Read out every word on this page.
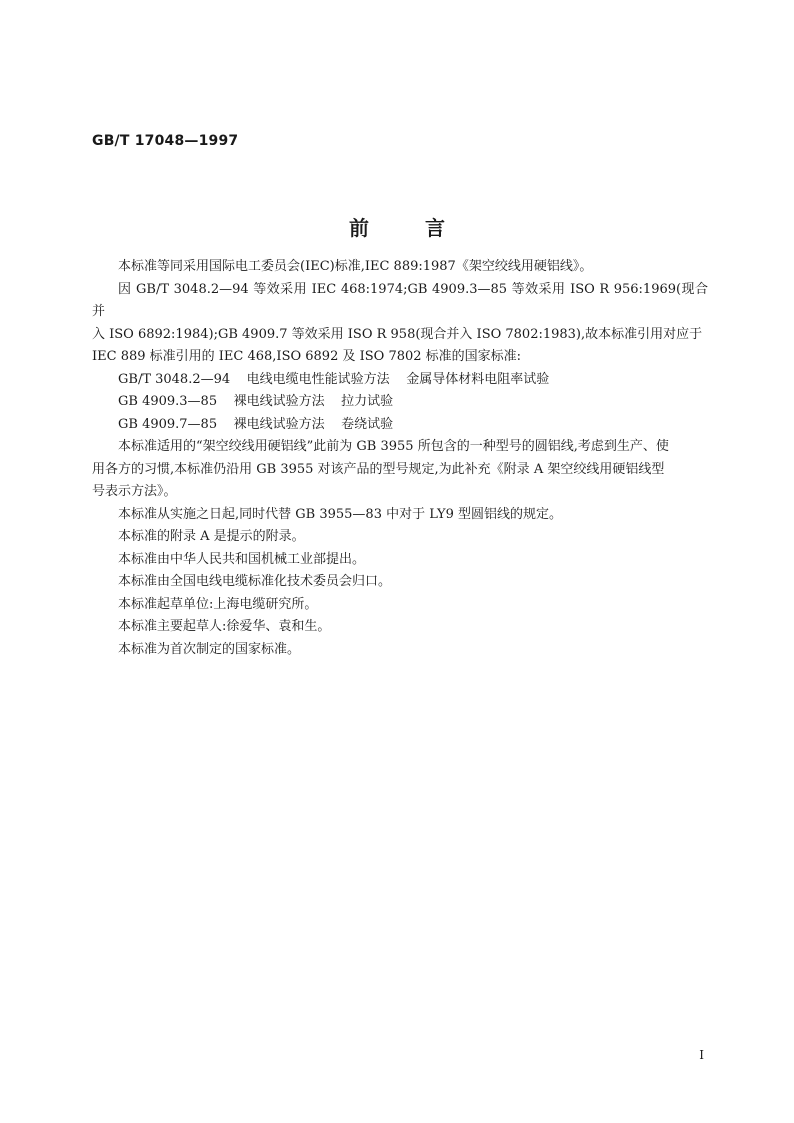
GB/T 17048—1997
前	言

本标准等同采用国际电工委员会(IEC)标准,IEC 889:1987《架空绞线用硬铝线》。

因 GB/T 3048.2—94 等效采用 IEC 468:1974;GB 4909.3—85 等效采用 ISO R 956:1969(现合并

入 ISO 6892:1984);GB 4909.7 等效采用 ISO R 958(现合并入 ISO 7802:1983),故本标准引用对应于

IEC 889 标准引用的 IEC 468,ISO 6892 及 ISO 7802 标准的国家标准:

GB/T 3048.2—94    电线电缆电性能试验方法    金属导体材料电阻率试验

GB 4909.3—85    裸电线试验方法    拉力试验

GB 4909.7—85    裸电线试验方法    卷绕试验

本标准适用的“架空绞线用硬铝线”此前为 GB 3955 所包含的一种型号的圆铝线,考虑到生产、使

用各方的习惯,本标准仍沿用 GB 3955 对该产品的型号规定,为此补充《附录 A 架空绞线用硬铝线型

号表示方法》。

本标准从实施之日起,同时代替 GB 3955—83 中对于 LY9 型圆铝线的规定。

本标准的附录 A 是提示的附录。

本标准由中华人民共和国机械工业部提出。

本标准由全国电线电缆标准化技术委员会归口。

本标准起草单位:上海电缆研究所。

本标准主要起草人:徐爱华、袁和生。

本标准为首次制定的国家标准。

I
